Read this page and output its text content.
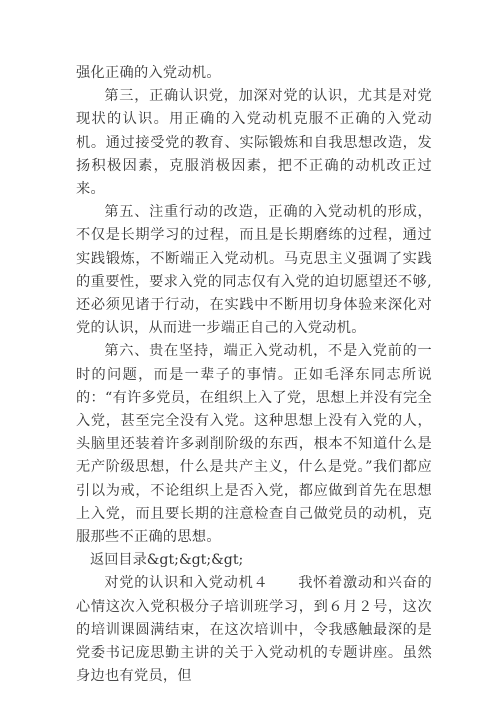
强化正确的入党动机。

第三，正确认识党，加深对党的认识，尤其是对党现状的认识。用正确的入党动机克服不正确的入党动机。通过接受党的教育、实际锻炼和自我思想改造，发扬积极因素，克服消极因素，把不正确的动机改正过来。

第五、注重行动的改造，正确的入党动机的形成，不仅是长期学习的过程，而且是长期磨练的过程，通过实践锻炼，不断端正入党动机。马克思主义强调了实践的重要性，要求入党的同志仅有入党的迫切愿望还不够,还必须见诸于行动，在实践中不断用切身体验来深化对党的认识，从而进一步端正自己的入党动机。

第六、贵在坚持，端正入党动机，不是入党前的一时的问题，而是一辈子的事情。正如毛泽东同志所说的：“有许多党员，在组织上入了党，思想上并没有完全入党，甚至完全没有入党。这种思想上没有入党的人，头脑里还装着许多剥削阶级的东西，根本不知道什么是无产阶级思想，什么是共产主义，什么是党。”我们都应引以为戒，不论组织上是否入党，都应做到首先在思想上入党，而且要长期的注意检查自己做党员的动机，克服那些不正确的思想。

返回目录&gt;&gt;&gt;

对党的认识和入党动机４　　我怀着激动和兴奋的心情这次入党积极分子培训班学习，到６月２号，这次的培训课圆满结束，在这次培训中，令我感触最深的是党委书记庞思勤主讲的关于入党动机的专题讲座。虽然身边也有党员，但
